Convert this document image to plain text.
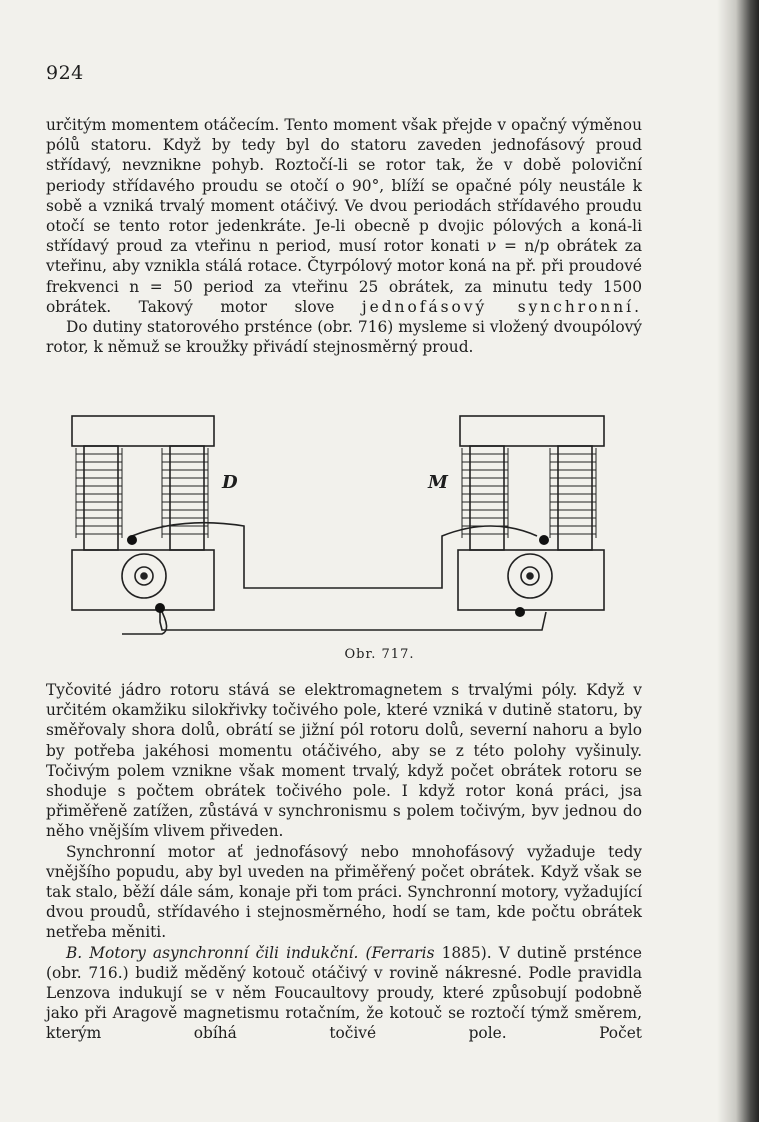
924

určitým momentem otáčecím. Tento moment však přejde v opačný výměnou pólů statoru. Když by tedy byl do statoru zaveden jednofásový proud střídavý, nevznikne pohyb. Roztočí-li se rotor tak, že v době poloviční periody střídavého proudu se otočí o 90°, blíží se opačné póly neustále k sobě a vzniká trvalý moment otáčivý. Ve dvou periodách střídavého proudu otočí se tento rotor jedenkráte. Je-li obecně p dvojic pólových a koná-li střídavý proud za vteřinu n period, musí rotor konati ν = n/p obrátek za vteřinu, aby vznikla stálá rotace. Čtyrpólový motor koná na př. při proudové frekvenci n = 50 period za vteřinu 25 obrátek, za minutu tedy 1500 obrátek. Takový motor slove jednofásový synchronní.

Do dutiny statorového prsténce (obr. 716) mysleme si vložený dvoupólový rotor, k němuž se kroužky přivádí stejnosměrný proud.

D	M
Obr. 717.

Tyčovité jádro rotoru stává se elektromagnetem s trvalými póly. Když v určitém okamžiku silokřivky točivého pole, které vzniká v dutině statoru, by směřovaly shora dolů, obrátí se jižní pól rotoru dolů, severní nahoru a bylo by potřeba jakéhosi momentu otáčivého, aby se z této polohy vyšinuly. Točivým polem vznikne však moment trvalý, když počet obrátek rotoru se shoduje s počtem obrátek točivého pole. I když rotor koná práci, jsa přiměřeně zatížen, zůstává v synchronismu s polem točivým, byv jednou do něho vnějším vlivem přiveden.

Synchronní motor ať jednofásový nebo mnohofásový vyžaduje tedy vnějšího popudu, aby byl uveden na přiměřený počet obrátek. Když však se tak stalo, běží dále sám, konaje při tom práci. Synchronní motory, vyžadující dvou proudů, střídavého i stejnosměrného, hodí se tam, kde počtu obrátek netřeba měniti.

B. Motory asynchronní čili indukční. (Ferraris 1885). V dutině prsténce (obr. 716.) budiž měděný kotouč otáčivý v rovině nákresné. Podle pravidla Lenzova indukují se v něm Foucaultovy proudy, které způsobují podobně jako při Aragově magnetismu rotačním, že kotouč se roztočí týmž směrem, kterým obíhá točivé pole. Počet
